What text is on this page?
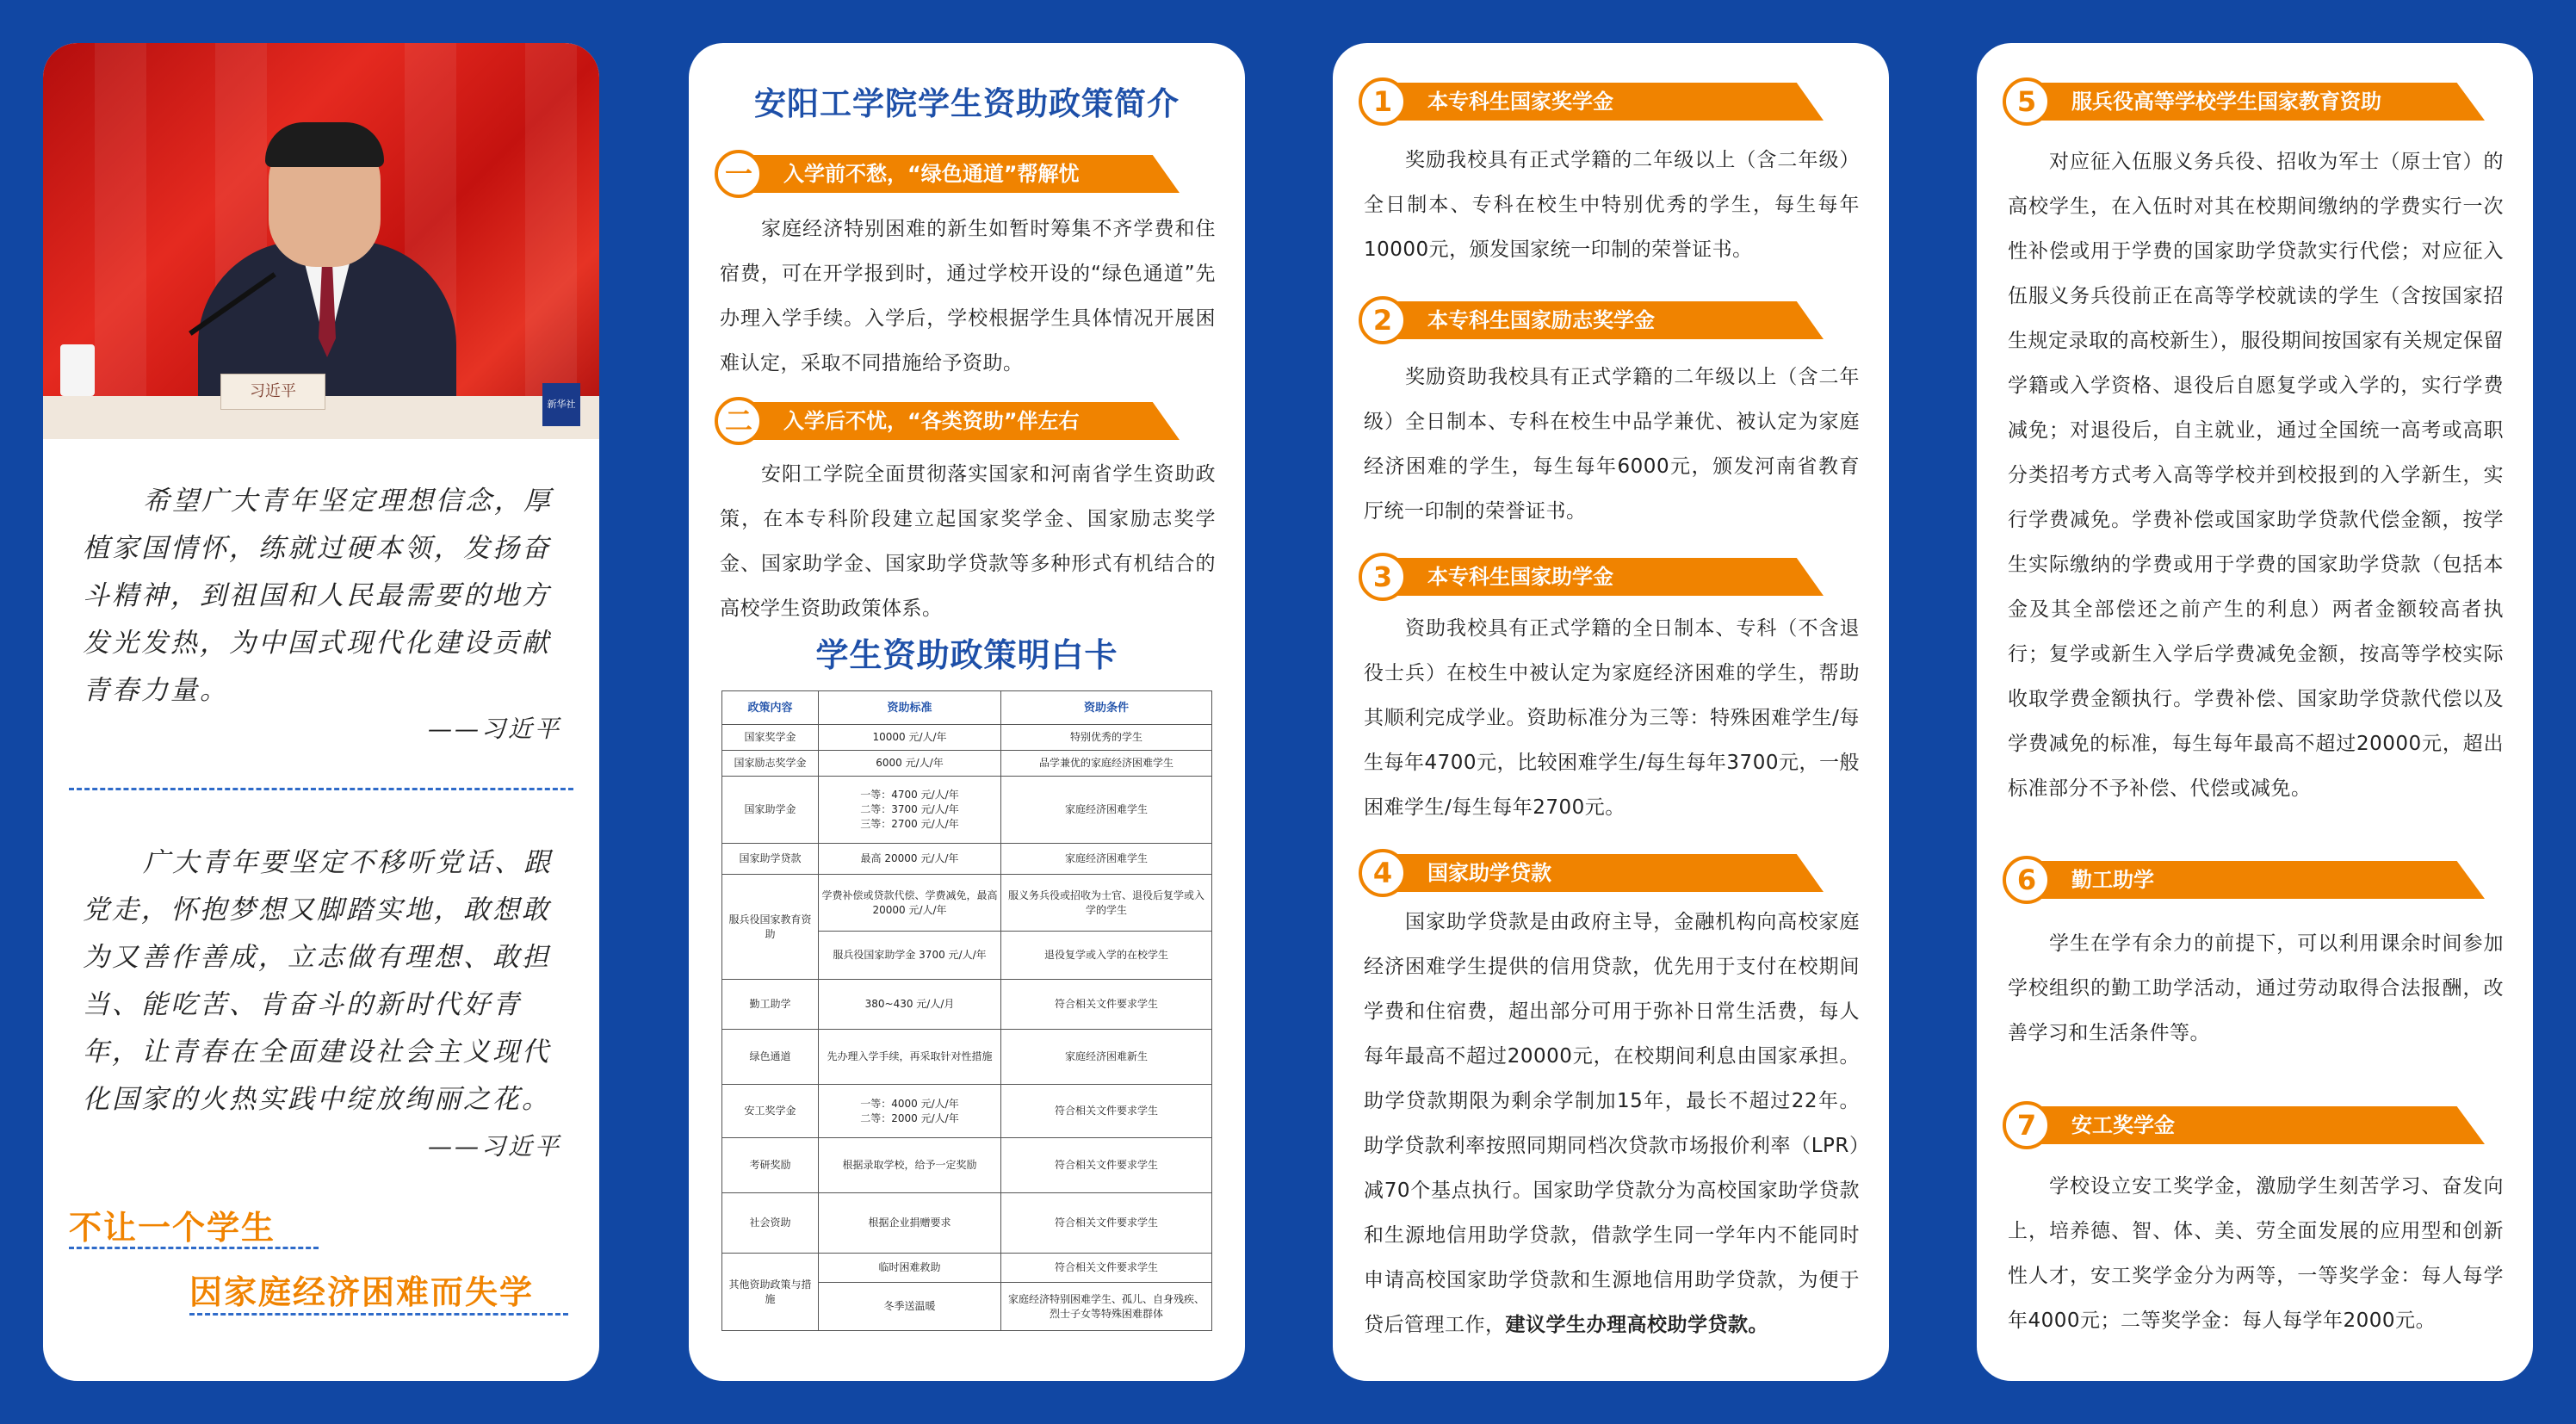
习近平
新华社
希望广大青年坚定理想信念，厚植家国情怀，练就过硬本领，发扬奋斗精神，到祖国和人民最需要的地方发光发热，为中国式现代化建设贡献青春力量。
——习近平
广大青年要坚定不移听党话、跟党走，怀抱梦想又脚踏实地，敢想敢为又善作善成，立志做有理想、敢担当、能吃苦、肯奋斗的新时代好青年，让青春在全面建设社会主义现代化国家的火热实践中绽放绚丽之花。
——习近平
不让一个学生
因家庭经济困难而失学
安阳工学院学生资助政策简介
一	入学前不愁，“绿色通道”帮解忧
家庭经济特别困难的新生如暂时筹集不齐学费和住宿费，可在开学报到时，通过学校开设的“绿色通道”先办理入学手续。入学后，学校根据学生具体情况开展困难认定，采取不同措施给予资助。
二	入学后不忧，“各类资助”伴左右
安阳工学院全面贯彻落实国家和河南省学生资助政策，在本专科阶段建立起国家奖学金、国家励志奖学金、国家助学金、国家助学贷款等多种形式有机结合的高校学生资助政策体系。
学生资助政策明白卡
政策内容	资助标准	资助条件
国家奖学金	10000 元/人/年	特别优秀的学生
国家励志奖学金	6000 元/人/年	品学兼优的家庭经济困难学生
国家助学金	一等：4700 元/人/年
二等：3700 元/人/年
三等：2700 元/人/年	家庭经济困难学生
国家助学贷款	最高 20000 元/人/年	家庭经济困难学生
服兵役国家教育资助	学费补偿或贷款代偿、学费减免，最高 20000 元/人/年	服义务兵役或招收为士官、退役后复学或入学的学生
	服兵役国家助学金 3700 元/人/年	退役复学或入学的在校学生
勤工助学	380~430 元/人/月	符合相关文件要求学生
绿色通道	先办理入学手续，再采取针对性措施	家庭经济困难新生
安工奖学金	一等：4000 元/人/年
二等：2000 元/人/年	符合相关文件要求学生
考研奖励	根据录取学校，给予一定奖励	符合相关文件要求学生
社会资助	根据企业捐赠要求	符合相关文件要求学生
其他资助政策与措施	临时困难救助	符合相关文件要求学生
	冬季送温暖	家庭经济特别困难学生、孤儿、自身残疾、烈士子女等特殊困难群体
1	本专科生国家奖学金
奖励我校具有正式学籍的二年级以上（含二年级）全日制本、专科在校生中特别优秀的学生，每生每年10000元，颁发国家统一印制的荣誉证书。
2	本专科生国家励志奖学金
奖励资助我校具有正式学籍的二年级以上（含二年级）全日制本、专科在校生中品学兼优、被认定为家庭经济困难的学生，每生每年6000元，颁发河南省教育厅统一印制的荣誉证书。
3	本专科生国家助学金
资助我校具有正式学籍的全日制本、专科（不含退役士兵）在校生中被认定为家庭经济困难的学生，帮助其顺利完成学业。资助标准分为三等：特殊困难学生/每生每年4700元，比较困难学生/每生每年3700元，一般困难学生/每生每年2700元。
4	国家助学贷款
国家助学贷款是由政府主导，金融机构向高校家庭经济困难学生提供的信用贷款，优先用于支付在校期间学费和住宿费，超出部分可用于弥补日常生活费，每人每年最高不超过20000元，在校期间利息由国家承担。助学贷款期限为剩余学制加15年，最长不超过22年。助学贷款利率按照同期同档次贷款市场报价利率（LPR）减70个基点执行。国家助学贷款分为高校国家助学贷款和生源地信用助学贷款，借款学生同一学年内不能同时申请高校国家助学贷款和生源地信用助学贷款，为便于贷后管理工作，建议学生办理高校助学贷款。
5	服兵役高等学校学生国家教育资助
对应征入伍服义务兵役、招收为军士（原士官）的高校学生，在入伍时对其在校期间缴纳的学费实行一次性补偿或用于学费的国家助学贷款实行代偿；对应征入伍服义务兵役前正在高等学校就读的学生（含按国家招生规定录取的高校新生），服役期间按国家有关规定保留学籍或入学资格、退役后自愿复学或入学的，实行学费减免；对退役后，自主就业，通过全国统一高考或高职分类招考方式考入高等学校并到校报到的入学新生，实行学费减免。学费补偿或国家助学贷款代偿金额，按学生实际缴纳的学费或用于学费的国家助学贷款（包括本金及其全部偿还之前产生的利息）两者金额较高者执行；复学或新生入学后学费减免金额，按高等学校实际收取学费金额执行。学费补偿、国家助学贷款代偿以及学费减免的标准，每生每年最高不超过20000元，超出标准部分不予补偿、代偿或减免。
6	勤工助学
学生在学有余力的前提下，可以利用课余时间参加学校组织的勤工助学活动，通过劳动取得合法报酬，改善学习和生活条件等。
7	安工奖学金
学校设立安工奖学金，激励学生刻苦学习、奋发向上，培养德、智、体、美、劳全面发展的应用型和创新性人才，安工奖学金分为两等，一等奖学金：每人每学年4000元；二等奖学金：每人每学年2000元。
